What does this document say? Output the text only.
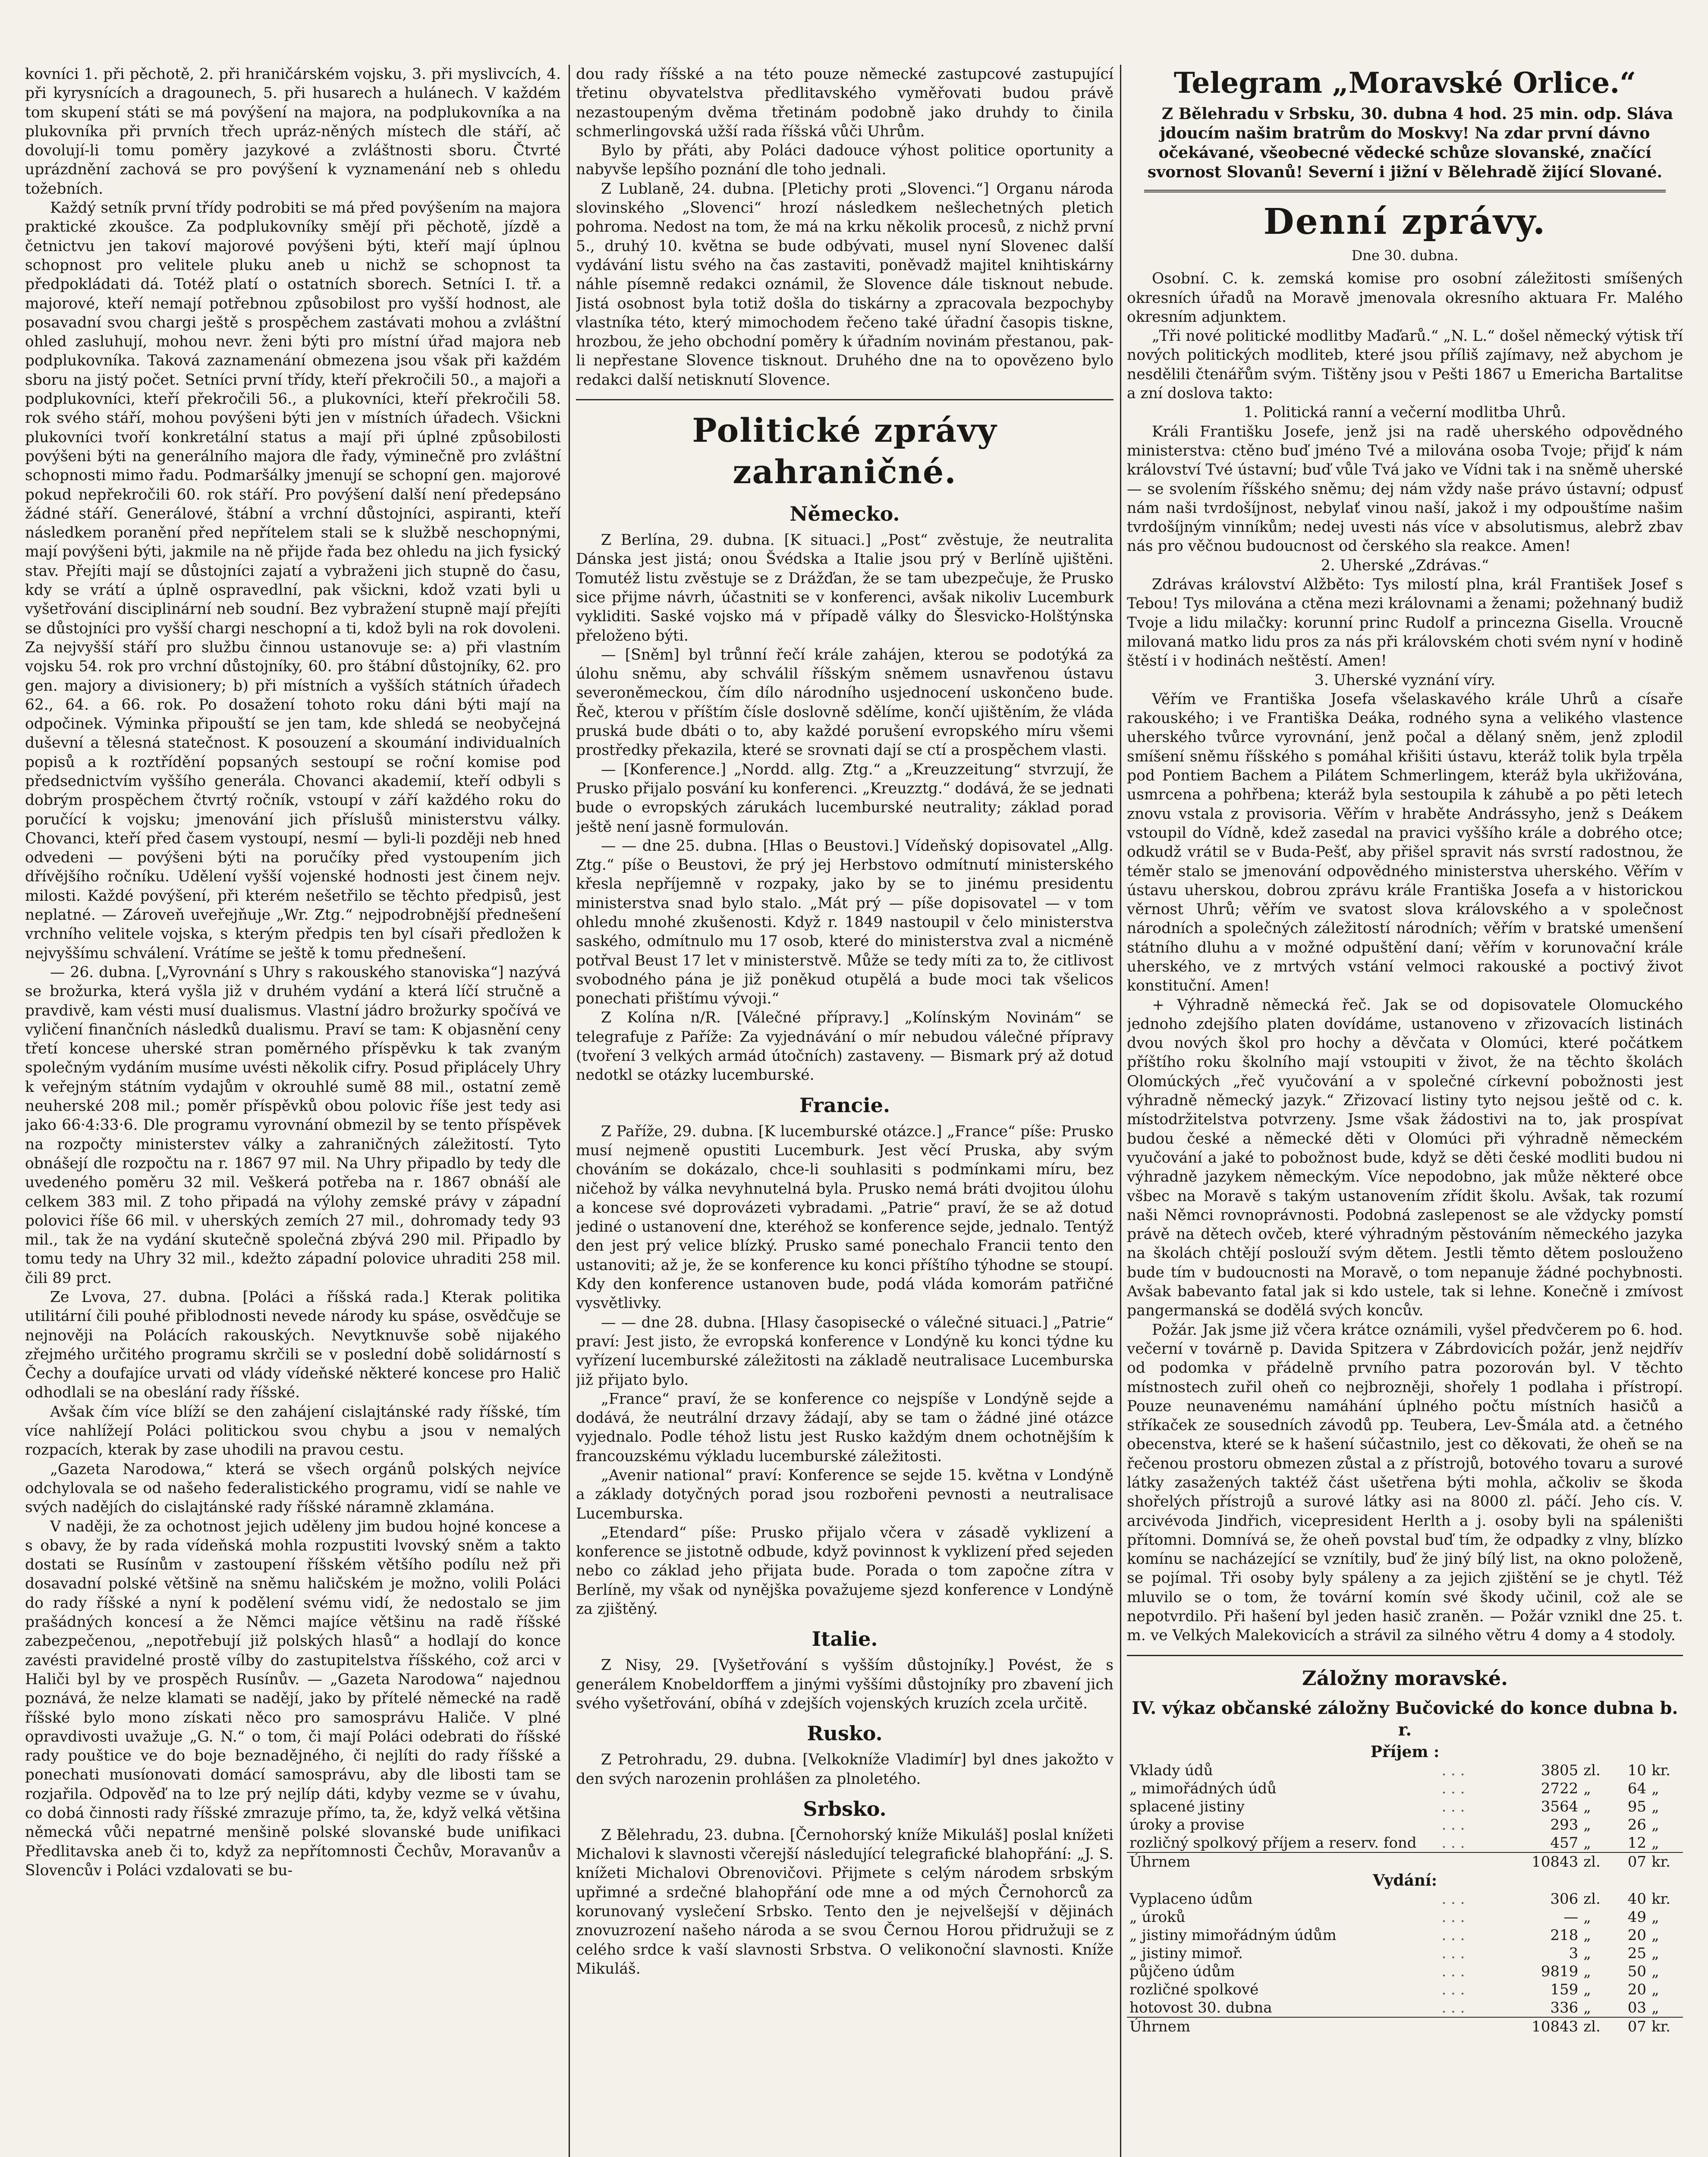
kovníci 1. při pěchotě, 2. při hraničárském vojsku, 3. při myslivcích, 4. při kyrysnících a dragounech, 5. při husarech a hulánech. V každém tom skupení státi se má povýšení na majora, na podplukovníka a na plukovníka při prvních třech upráz-něných místech dle stáří, ač dovolují-li tomu poměry jazykové a zvláštnosti sboru. Čtvrté uprázdnění zachová se pro povýšení k vyznamenání neb s ohledu tožebních.

Každý setník první třídy podrobiti se má před povýšením na majora praktické zkoušce. Za podplukovníky smějí při pěchotě, jízdě a četnictvu jen takoví majorové povýšeni býti, kteří mají úplnou schopnost pro velitele pluku aneb u nichž se schopnost ta předpokládati dá. Totéž platí o ostatních sborech. Setníci I. tř. a majorové, kteří nemají potřebnou způsobilost pro vyšší hodnost, ale posavadní svou chargi ještě s prospěchem zastávati mohou a zvláštní ohled zasluhují, mohou nevr. ženi býti pro místní úřad majora neb podplukovníka. Taková zaznamenání obmezena jsou však při každém sboru na jistý počet. Setníci první třídy, kteří překročili 50., a majoři a podplukovníci, kteří překročili 56., a plukovníci, kteří překročili 58. rok svého stáří, mohou povýšeni býti jen v místních úřadech. Všickni plukovníci tvoří konkretální status a mají při úplné způsobilosti povýšeni býti na generálního majora dle řady, výminečně pro zvláštní schopnosti mimo řadu. Podmaršálky jmenují se schopní gen. majorové pokud nepřekročili 60. rok stáří. Pro povýšení další není předepsáno žádné stáří. Generálové, štábní a vrchní důstojníci, aspiranti, kteří následkem poranění před nepřítelem stali se k službě neschopnými, mají povýšeni býti, jakmile na ně přijde řada bez ohledu na jich fysický stav. Přejíti mají se důstojníci zajatí a vybraženi jich stupně do času, kdy se vrátí a úplně ospravedlní, pak všickni, kdož vzati byli u vyšetřování disciplinární neb soudní. Bez vybražení stupně mají přejíti se důstojníci pro vyšší chargi neschopní a ti, kdož byli na rok dovoleni. Za nejvyšší stáří pro službu činnou ustanovuje se: a) při vlastním vojsku 54. rok pro vrchní důstojníky, 60. pro štábní důstojníky, 62. pro gen. majory a divisionery; b) při místních a vyšších státních úřadech 62., 64. a 66. rok. Po dosažení tohoto roku dáni býti mají na odpočinek. Výminka připouští se jen tam, kde shledá se neobyčejná duševní a tělesná statečnost. K posouzení a skoumání individualních popisů a k roztřídění popsaných sestoupí se roční komise pod předsednictvím vyššího generála. Chovanci akademií, kteří odbyli s dobrým prospěchem čtvrtý ročník, vstoupí v září každého roku do poručící k vojsku; jmenování jich příslušů ministerstvu války. Chovanci, kteří před časem vystoupí, nesmí — byli-li později neb hned odvedeni — povýšeni býti na poručíky před vystoupením jich dřívějšího ročníku. Udělení vyšší vojenské hodnosti jest činem nejv. milosti. Každé povýšení, při kterém nešetřilo se těchto předpisů, jest neplatné. — Zároveň uveřejňuje „Wr. Ztg.“ nejpodrobnější přednešení vrchního velitele vojska, s kterým předpis ten byl císaři předložen k nejvyššímu schválení. Vrátíme se ještě k tomu přednešení.

— 26. dubna. [„Vyrovnání s Uhry s rakouského stanoviska“] nazývá se brožurka, která vyšla již v druhém vydání a která líčí stručně a pravdivě, kam vésti musí dualismus. Vlastní jádro brožurky spočívá ve vyličení finančních následků dualismu. Praví se tam: K objasnění ceny třetí koncese uherské stran poměrného příspěvku k tak zvaným společným vydáním musíme uvésti několik cifry. Posud připlácely Uhry k veřejným státním vydajům v okrouhlé sumě 88 mil., ostatní země neuherské 208 mil.; poměr příspěvků obou polovic říše jest tedy asi jako 66·4:33·6. Dle programu vyrovnání obmezil by se tento příspěvek na rozpočty ministerstev války a zahraničných záležitostí. Tyto obnášejí dle rozpočtu na r. 1867 97 mil. Na Uhry připadlo by tedy dle uvedeného poměru 32 mil. Veškerá potřeba na r. 1867 obnáší ale celkem 383 mil. Z toho připadá na výlohy zemské právy v západní polovici říše 66 mil. v uherských zemích 27 mil., dohromady tedy 93 mil., tak že na vydání skutečně společná zbývá 290 mil. Připadlo by tomu tedy na Uhry 32 mil., kdežto západní polovice uhraditi 258 mil. čili 89 prct.

Ze Lvova, 27. dubna. [Poláci a říšská rada.] Kterak politika utilitární čili pouhé přiblodnosti nevede národy ku spáse, osvědčuje se nejnověji na Polácích rakouských. Nevytknuvše sobě nijakého zřejmého určitého programu skrčili se v poslední době solidárností s Čechy a doufajíce urvati od vlády vídeňské některé koncese pro Halič odhodlali se na obeslání rady říšské.

Avšak čím více blíží se den zahájení cislajtánské rady říšské, tím více nahlížejí Poláci politickou svou chybu a jsou v nemalých rozpacích, kterak by zase uhodili na pravou cestu.

„Gazeta Narodowa,“ která se všech orgánů polských nejvíce odchylovala se od našeho federalistického programu, vidí se nahle ve svých nadějích do cislajtánské rady říšské náramně zklamána.

V naději, že za ochotnost jejich uděleny jim budou hojné koncese a s obavy, že by rada vídeňská mohla rozpustiti lvovský sněm a takto dostati se Rusínům v zastoupení říšském většího podílu než při dosavadní polské většině na sněmu haličském je možno, volili Poláci do rady říšské a nyní k podělení svému vidí, že nedostalo se jim prašádných koncesí a že Němci majíce většinu na radě říšské zabezpečenou, „nepotřebují již polských hlasů“ a hodlají do konce zavésti pravidelné prostě vílby do zastupitelstva říšského, což arci v Haliči byl by ve prospěch Rusínův. — „Gazeta Narodowa“ najednou poznává, že nelze klamati se nadějí, jako by přítelé německé na radě říšské bylo mono získati něco pro samosprávu Haliče. V plné opravdivosti uvažuje „G. N.“ o tom, či mají Poláci odebrati do říšské rady pouštice ve do boje beznadějného, či nejlíti do rady říšské a ponechati musíonovati domácí samosprávu, aby dle libosti tam se rozjařila. Odpověď na to lze prý nejlíp dáti, kdyby vezme se v úvahu, co dobá činnosti rady říšské zmrazuje přímo, ta, že, když velká většina německá vůči nepatrné menšině polské slovanské bude unifikaci Předlitavska aneb či to, když za nepřítomnosti Čechův, Moravanův a Slovencův i Poláci vzdalovati se bu-

dou rady říšské a na této pouze německé zastupcové zastupující třetinu obyvatelstva předlitavského vyměřovati budou právě nezastoupeným dvěma třetinám podobně jako druhdy to činila schmerlingovská užší rada říšská vůči Uhrům.

Bylo by přáti, aby Poláci dadouce výhost politice oportunity a nabyvše lepšího poznání dle toho jednali.

Z Lublaně, 24. dubna. [Pletichy proti „Slovenci.“] Organu národa slovinského „Slovenci“ hrozí následkem nešlechetných pletich pohroma. Nedost na tom, že má na krku několik procesů, z nichž první 5., druhý 10. května se bude odbývati, musel nyní Slovenec další vydávání listu svého na čas zastaviti, poněvadž majitel knihtiskárny náhle písemně redakci oznámil, že Slovence dále tisknout nebude. Jistá osobnost byla totiž došla do tiskárny a zpracovala bezpochyby vlastníka této, který mimochodem řečeno také úřadní časopis tiskne, hrozbou, že jeho obchodní poměry k úřadním novinám přestanou, pak-li nepřestane Slovence tisknout. Druhého dne na to opovězeno bylo redakci další netisknutí Slovence.

Politické zprávy zahraničné.
Německo.

Z Berlína, 29. dubna. [K situaci.] „Post“ zvěstuje, že neutralita Dánska jest jistá; onou Švédska a Italie jsou prý v Berlíně ujištěni. Tomutéž listu zvěstuje se z Drážďan, že se tam ubezpečuje, že Prusko sice přijme návrh, účastniti se v konferenci, avšak nikoliv Lucemburk vykliditi. Saské vojsko má v případě války do Šlesvicko-Holštýnska přeloženo býti.

— [Sněm] byl trůnní řečí krále zahájen, kterou se podotýká za úlohu sněmu, aby schválil říšským sněmem usnavřenou ústavu severoněmeckou, čím dílo národního usjednocení uskončeno bude. Řeč, kterou v příštím čísle doslovně sdělíme, končí ujištěním, že vláda pruská bude dbáti o to, aby každé porušení evropského míru všemi prostředky překazila, které se srovnati dají se ctí a prospěchem vlasti.

— [Konference.] „Nordd. allg. Ztg.“ a „Kreuzzeitung“ stvrzují, že Prusko přijalo posvání ku konferenci. „Kreuzztg.“ dodává, že se jednati bude o evropských zárukách lucemburské neutrality; základ porad ještě není jasně formulován.

— — dne 25. dubna. [Hlas o Beustovi.] Vídeňský dopisovatel „Allg. Ztg.“ píše o Beustovi, že prý jej Herbstovo odmítnutí ministerského křesla nepříjemně v rozpaky, jako by se to jinému presidentu ministerstva snad bylo stalo. „Mát prý — píše dopisovatel — v tom ohledu mnohé zkušenosti. Když r. 1849 nastoupil v čelo ministerstva saského, odmítnulo mu 17 osob, které do ministerstva zval a nicméně potřval Beust 17 let v ministerstvě. Může se tedy míti za to, že citlivost svobodného pána je již poněkud otupělá a bude moci tak všelicos ponechati přištímu vývoji.“

Z Kolína n/R. [Válečné přípravy.] „Kolínským Novinám“ se telegrafuje z Paříže: Za vyjednávání o mír nebudou válečné přípravy (tvoření 3 velkých armád útočních) zastaveny. — Bismark prý až dotud nedotkl se otázky lucemburské.

Francie.

Z Paříže, 29. dubna. [K lucemburské otázce.] „France“ píše: Prusko musí nejmeně opustiti Lucemburk. Jest věcí Pruska, aby svým chováním se dokázalo, chce-li souhlasiti s podmínkami míru, bez ničehož by válka nevyhnutelná byla. Prusko nemá bráti dvojitou úlohu a koncese své doprovázeti vybradami. „Patrie“ praví, že se až dotud jediné o ustanovení dne, kteréhož se konference sejde, jednalo. Tentýž den jest prý velice blízký. Prusko samé ponechalo Francii tento den ustanoviti; až je, že se konference ku konci příštího týhodne se stoupí. Kdy den konference ustanoven bude, podá vláda komorám patřičné vysvětlivky.

— — dne 28. dubna. [Hlasy časopisecké o válečné situaci.] „Patrie“ praví: Jest jisto, že evropská konference v Londýně ku konci týdne ku vyřízení lucemburské záležitosti na základě neutralisace Lucemburska již přijato bylo.

„France“ praví, že se konference co nejspíše v Londýně sejde a dodává, že neutrální drzavy žádají, aby se tam o žádné jiné otázce vyjednalo. Podle téhož listu jest Rusko každým dnem ochotnějším k francouzskému výkladu lucemburské záležitosti.

„Avenir national“ praví: Konference se sejde 15. května v Londýně a základy dotyčných porad jsou rozbořeni pevnosti a neutralisace Lucemburska.

„Etendard“ píše: Prusko přijalo včera v zásadě vyklizení a konference se jistotně odbude, když povinnost k vyklizení před sejeden nebo co základ jeho přijata bude. Porada o tom započne zítra v Berlíně, my však od nynějška považujeme sjezd konference v Londýně za zjištěný.

Italie.

Z Nisy, 29. [Vyšetřování s vyšším důstojníky.] Povést, že s generálem Knobeldorffem a jinými vyššími důstojníky pro zbavení jich svého vyšetřování, obíhá v zdejších vojenských kruzích zcela určitě.

Rusko.

Z Petrohradu, 29. dubna. [Velkokníže Vladimír] byl dnes jakožto v den svých narozenin prohlášen za plnoletého.

Srbsko.

Z Bělehradu, 23. dubna. [Černohorský kníže Mikuláš] poslal knížeti Michalovi k slavnosti včerejší následující telegrafické blahopřání: „J. S. knížeti Michalovi Obrenovičovi. Přijmete s celým národem srbským upřimné a srdečné blahopřání ode mne a od mých Černohorců za korunovaný vyslečení Srbsko. Tento den je nejvelšejší v dějinách znovuzrození našeho národa a se svou Černou Horou přidružuji se z celého srdce k vaší slavnosti Srbstva. O velikonoční slavnosti. Kníže Mikuláš.

Telegram „Moravské Orlice.“

Z Bělehradu v Srbsku, 30. dubna 4 hod. 25 min. odp. Sláva jdoucím našim bratrům do Moskvy! Na zdar první dávno očekávané, všeobecné vědecké schůze slovanské, značící svornost Slovanů! Severní i jižní v Bělehradě žijící Slované.

Denní zprávy.
Dne 30. dubna.

Osobní. C. k. zemská komise pro osobní záležitosti smíšených okresních úřadů na Moravě jmenovala okresního aktuara Fr. Malého okresním adjunktem.

„Tři nové politické modlitby Maďarů.“ „N. L.“ došel německý výtisk tří nových politických modliteb, které jsou příliš zajímavy, než abychom je nesdělili čtenářům svým. Tištěny jsou v Pešti 1867 u Emericha Bartalitse a zní doslova takto:

1. Politická ranní a večerní modlitba Uhrů.

Králi Františku Josefe, jenž jsi na radě uherského odpovědného ministerstva: ctěno buď jméno Tvé a milována osoba Tvoje; přijď k nám království Tvé ústavní; buď vůle Tvá jako ve Vídni tak i na sněmě uherské — se svolením říšského sněmu; dej nám vždy naše právo ústavní; odpusť nám naši tvrdošíjnost, nebylať vinou naší, jakož i my odpouštíme našim tvrdošíjným vinníkům; nedej uvesti nás více v absolutismus, alebrž zbav nás pro věčnou budoucnost od čerského sla reakce. Amen!

2. Uherské „Zdrávas.“

Zdrávas království Alžběto: Tys milostí plna, král František Josef s Tebou! Tys milována a ctěna mezi královnami a ženami; požehnaný budiž Tvoje a lidu milačky: korunní princ Rudolf a princezna Gisella. Vroucně milovaná matko lidu pros za nás při královském choti svém nyní v hodině štěstí i v hodinách neštěstí. Amen!

3. Uherské vyznání víry.

Věřím ve Františka Josefa všelaskavého krále Uhrů a císaře rakouského; i ve Františka Deáka, rodného syna a velikého vlastence uherského tvůrce vyrovnání, jenž počal a dělaný sněm, jenž zplodil smíšení sněmu říšského s pomáhal křišiti ústavu, kteráž tolik byla trpěla pod Pontiem Bachem a Pilátem Schmerlingem, kteráž byla ukřižována, usmrcena a pohřbena; kteráž byla sestoupila k záhubě a po pěti letech znovu vstala z provisoria. Věřím v hraběte Andrássyho, jenž s Deákem vstoupil do Vídně, kdež zasedal na pravici vyššího krále a dobrého otce; odkudž vrátil se v Buda-Pešť, aby přišel spravit nás svrstí radostnou, že téměr stalo se jmenování odpovědného ministerstva uherského. Věřím v ústavu uherskou, dobrou zprávu krále Františka Josefa a v historickou věrnost Uhrů; věřím ve svatost slova královského a v společnost národních a společných záležitostí národních; věřím v bratské umenšení státního dluhu a v možné odpuštění daní; věřím v korunovační krále uherského, ve z mrtvých vstání velmoci rakouské a poctivý život konstituční. Amen!

+ Výhradně německá řeč. Jak se od dopisovatele Olomuckého jednoho zdejšího platen dovídáme, ustanoveno v zřizovacích listinách dvou nových škol pro hochy a děvčata v Olomúci, které počátkem příštího roku školního mají vstoupiti v život, že na těchto školách Olomúckých „řeč vyučování a v společné církevní pobožnosti jest výhradně německý jazyk.“ Zřizovací listiny tyto nejsou ještě od c. k. místodržitelstva potvrzeny. Jsme však žádostivi na to, jak prospívat budou české a německé děti v Olomúci při výhradně německém vyučování a jaké to pobožnost bude, když se děti české modliti budou ni výhradně jazykem německým. Více nepodobno, jak může některé obce všbec na Moravě s takým ustanovením zřídit školu. Avšak, tak rozumí naši Němci rovnoprávnosti. Podobná zaslepenost se ale vždycky pomstí právě na dětech ovčeb, které výhradným pěstováním německého jazyka na školách chtějí poslouží svým dětem. Jestli těmto dětem poslouženo bude tím v budoucnosti na Moravě, o tom nepanuje žádné pochybnosti. Avšak babevanto fatal jak si kdo ustele, tak si lehne. Konečně i zmívost pangermanská se dodělá svých koncův.

Požár. Jak jsme již včera krátce oznámili, vyšel předvčerem po 6. hod. večerní v továrně p. Davida Spitzera v Zábrdovicích požár, jenž nejdřív od podomka v přádelně prvního patra pozorován byl. V těchto místnostech zuřil oheň co nejbrozněji, shořely 1 podlaha i přístropí. Pouze neunavenému namáhání úplného počtu místních hasičů a stříkaček ze sousedních závodů pp. Teubera, Lev-Šmála atd. a četného obecenstva, které se k hašení súčastnilo, jest co děkovati, že oheň se na řečenou prostoru obmezen zůstal a z přístrojů, botového tovaru a surové látky zasažených taktéž část ušetřena býti mohla, ačkoliv se škoda shořelých přístrojů a surové látky asi na 8000 zl. páčí. Jeho cís. V. arcivévoda Jindřich, vicepresident Herlth a j. osoby byli na spáleništi přítomni. Domnívá se, že oheň povstal buď tím, že odpadky z vlny, blízko komínu se nacházející se vznítily, buď že jiný bílý list, na okno položeně, se pojímal. Tři osoby byly spáleny a za jejich zjištění se je chytl. Též mluvilo se o tom, že tovární komín své škody učinil, což ale se nepotvrdilo. Při hašení byl jeden hasič zraněn. — Požár vznikl dne 25. t. m. ve Velkých Malekovicích a strávil za silného větru 4 domy a 4 stodoly.

Záložny moravské.
IV. výkaz občanské záložny Bučovické do konce dubna b. r.
Příjem :
Vklady údů	. . .	3805	zl.	10	kr.
„ mimořádných údů	. . .	2722	„	64	„
splacené jistiny	. . .	3564	„	95	„
úroky a provise	. . .	293	„	26	„
rozličný spolkový příjem a reserv. fond	. . .	457	„	12	„
Úhrnem		10843	zl.	07	kr.
Vydání:
Vyplaceno údům	. . .	306	zl.	40	kr.
„ úroků	. . .	—	„	49	„
„ jistiny mimořádným údům	. . .	218	„	20	„
„ jistiny mimoř.	. . .	3	„	25	„
půjčeno údům	. . .	9819	„	50	„
rozličné spolkové	. . .	159	„	20	„
hotovost 30. dubna	. . .	336	„	03	„
Úhrnem		10843	zl.	07	kr.
